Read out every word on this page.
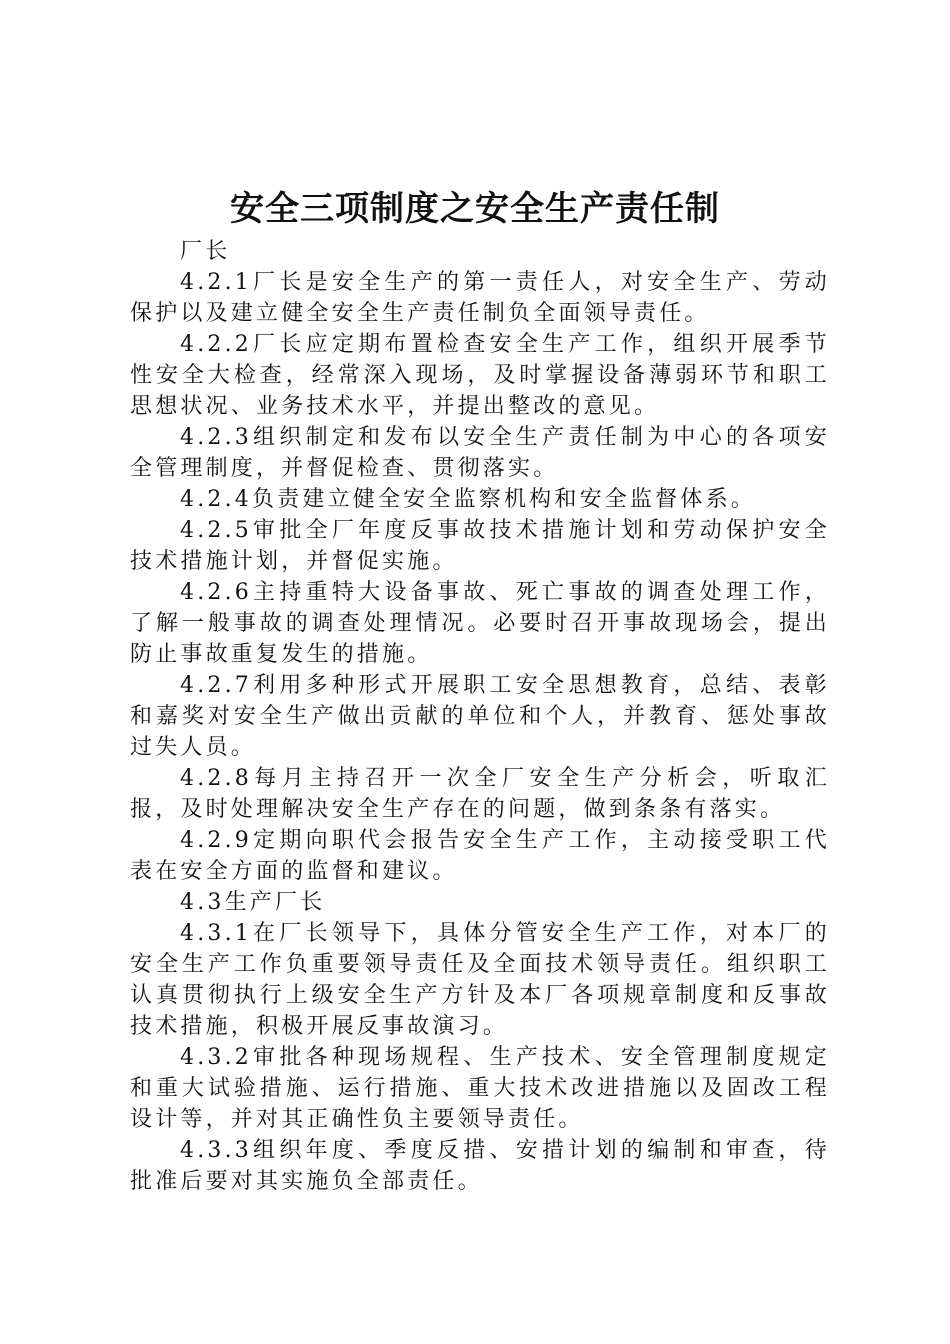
安全三项制度之安全生产责任制

厂长

4.2.1厂长是安全生产的第一责任人，对安全生产、劳动保护以及建立健全安全生产责任制负全面领导责任。

4.2.2厂长应定期布置检查安全生产工作，组织开展季节性安全大检查，经常深入现场，及时掌握设备薄弱环节和职工思想状况、业务技术水平，并提出整改的意见。

4.2.3组织制定和发布以安全生产责任制为中心的各项安全管理制度，并督促检查、贯彻落实。

4.2.4负责建立健全安全监察机构和安全监督体系。

4.2.5审批全厂年度反事故技术措施计划和劳动保护安全技术措施计划，并督促实施。

4.2.6主持重特大设备事故、死亡事故的调查处理工作，了解一般事故的调查处理情况。必要时召开事故现场会，提出防止事故重复发生的措施。

4.2.7利用多种形式开展职工安全思想教育，总结、表彰和嘉奖对安全生产做出贡献的单位和个人，并教育、惩处事故过失人员。

4.2.8每月主持召开一次全厂安全生产分析会，听取汇报，及时处理解决安全生产存在的问题，做到条条有落实。

4.2.9定期向职代会报告安全生产工作，主动接受职工代表在安全方面的监督和建议。

4.3生产厂长

4.3.1在厂长领导下，具体分管安全生产工作，对本厂的安全生产工作负重要领导责任及全面技术领导责任。组织职工认真贯彻执行上级安全生产方针及本厂各项规章制度和反事故技术措施，积极开展反事故演习。

4.3.2审批各种现场规程、生产技术、安全管理制度规定和重大试验措施、运行措施、重大技术改进措施以及固改工程设计等，并对其正确性负主要领导责任。

4.3.3组织年度、季度反措、安措计划的编制和审查，待批准后要对其实施负全部责任。
